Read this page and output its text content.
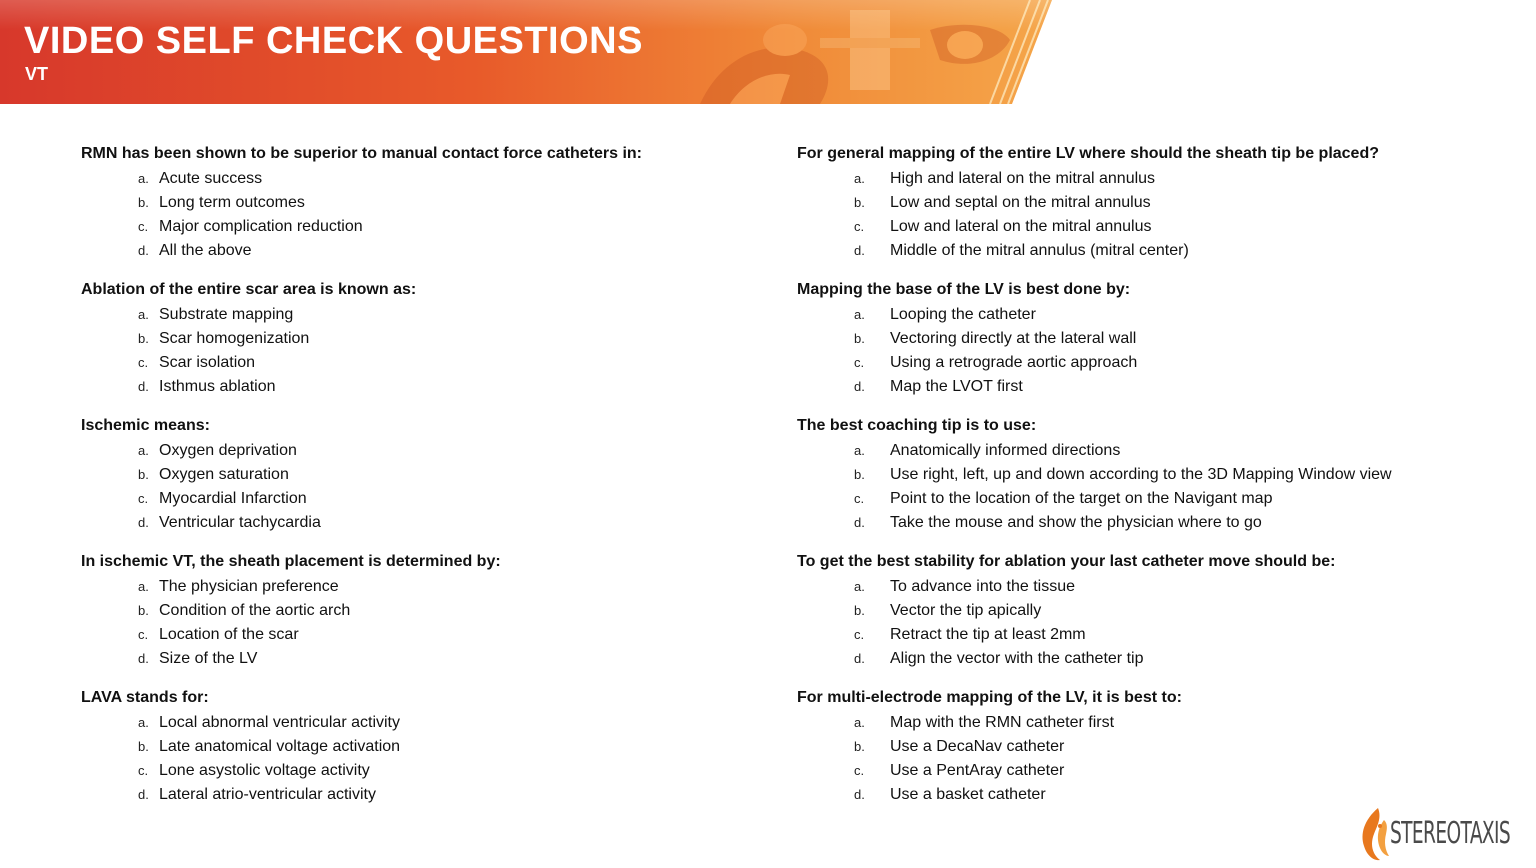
VIDEO SELF CHECK QUESTIONS
VT
RMN has been shown to be superior to manual contact force catheters in:
a. Acute success
b. Long term outcomes
c. Major complication reduction
d. All the above
Ablation of the entire scar area is known as:
a. Substrate mapping
b. Scar homogenization
c. Scar isolation
d. Isthmus ablation
Ischemic means:
a. Oxygen deprivation
b. Oxygen saturation
c. Myocardial Infarction
d. Ventricular tachycardia
In ischemic VT, the sheath placement is determined by:
a. The physician preference
b. Condition of the aortic arch
c. Location of the scar
d. Size of the LV
LAVA stands for:
a. Local abnormal ventricular activity
b. Late anatomical voltage activation
c. Lone asystolic voltage activity
d. Lateral atrio-ventricular activity
For general mapping of the entire LV where should the sheath tip be placed?
a. High and lateral on the mitral annulus
b. Low and septal on the mitral annulus
c. Low and lateral on the mitral annulus
d. Middle of the mitral annulus (mitral center)
Mapping the base of the LV is best done by:
a. Looping the catheter
b. Vectoring directly at the lateral wall
c. Using a retrograde aortic approach
d. Map the LVOT first
The best coaching tip is to use:
a. Anatomically informed directions
b. Use right, left, up and down according to the 3D Mapping Window view
c. Point to the location of the target on the Navigant map
d. Take the mouse and show the physician where to go
To get the best stability for ablation your last catheter move should be:
a. To advance into the tissue
b. Vector the tip apically
c. Retract the tip at least 2mm
d. Align the vector with the catheter tip
For multi-electrode mapping of the LV, it is best to:
a. Map with the RMN catheter first
b. Use a DecaNav catheter
c. Use a PentAray catheter
d. Use a basket catheter
STEREOTAXIS
